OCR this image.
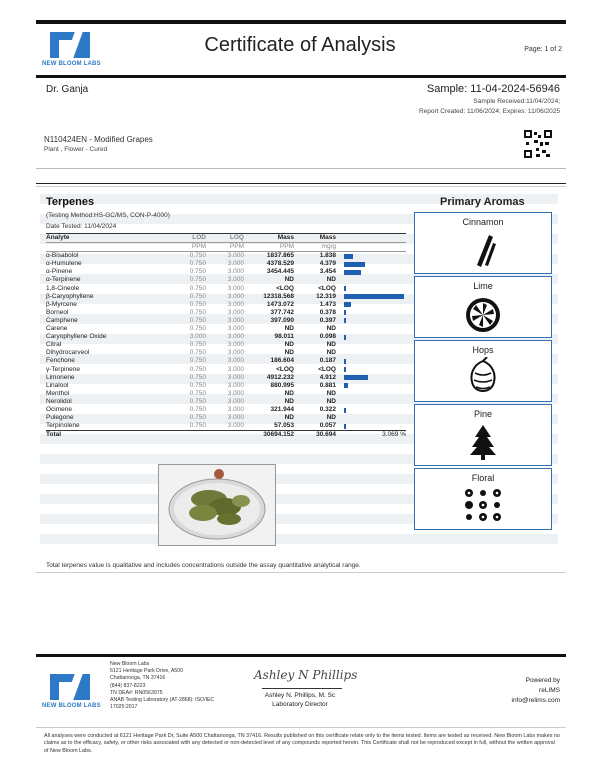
NEW BLOOM LABS
Certificate of Analysis	Page: 1 of 2
Dr. Ganja	Sample: 11-04-2024-56946
Sample Received:11/04/2024;
Report Created: 11/06/2024; Expires: 11/06/2025
N110424EN - Modified Grapes
Plant , Flower - Cured
Terpenes
(Testing Method:HS-GC/MS, CON-P-4000)
Date Tested: 11/04/2024
Analyte	LOD	LOQ	Mass	Mass	
	PPM	PPM	PPM	mg/g	
α-Bisabolol	0.750	3.000	1837.865	1.838	

α-Humulene	0.750	3.000	4378.529	4.379	

α-Pinene	0.750	3.000	3454.445	3.454	

α-Terpinene	0.750	3.000	ND	ND	

1,8-Cineole	0.750	3.000	<LOQ	<LOQ	

β-Caryophyllene	0.750	3.000	12318.568	12.319	

β-Myrcene	0.750	3.000	1473.072	1.473	

Borneol	0.750	3.000	377.742	0.378	

Camphene	0.750	3.000	397.090	0.397	

Carene	0.750	3.000	ND	ND	

Caryophyllene Oxide	3.000	3.000	98.011	0.098	

Citral	0.750	3.000	ND	ND	

Dihydrocarveol	0.750	3.000	ND	ND	

Fenchone	0.750	3.000	186.604	0.187	

γ-Terpinene	0.750	3.000	<LOQ	<LOQ	

Limonene	0.750	3.000	4912.232	4.912	

Linalool	0.750	3.000	880.995	0.881	

Menthol	0.750	3.000	ND	ND	

Nerolidol	0.750	3.000	ND	ND	

Ocimene	0.750	3.000	321.944	0.322	

Pulegone	0.750	3.000	ND	ND	

Terpinolene	0.750	3.000	57.053	0.057	

Total			30694.152	30.694	3.069 %
Primary Aromas
Cinnamon
Lime
Hops
Pine
Floral
Total terpenes value is qualitative and includes concentrations outside the assay quantitative analytical range.
NEW BLOOM LABS
New Bloom Labs
6121 Heritage Park Drive, A500
Chattanooga, TN 37416
(844) 837-8223
TN DEA#: RN0563975
ANAB Testing Laboratory (AT-2868): ISO/IEC
17025:2017
Ashley N Phillips
Ashley N. Phillips, M. Sc
Laboratory Director
Powered by
reLIMS
info@relims.com
All analyses were conducted at 6121 Heritage Park Dr, Suite A500 Chattanooga, TN 37416. Results published on this certificate relate only to the items tested. Items are tested as received. New Bloom Labs makes no claims as to the efficacy, safety, or other risks associated with any detected or non-detected level of any compounds reported herein. This Certificate shall not be reproduced except in full, without the written approval of New Bloom Labs.
